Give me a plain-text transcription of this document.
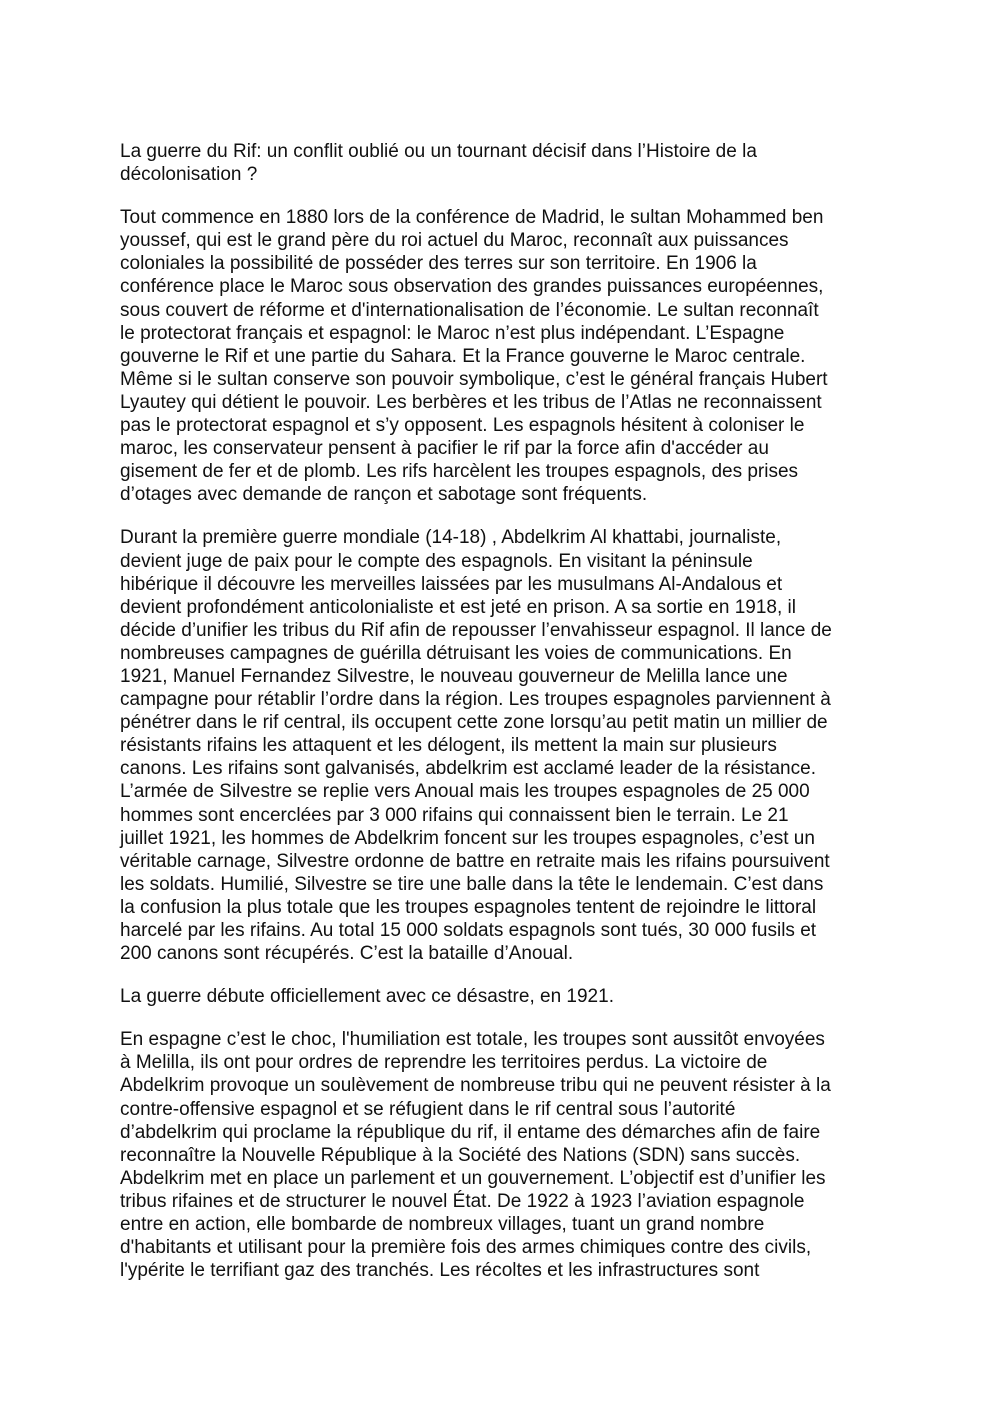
La guerre du Rif: un conflit oublié ou un tournant décisif dans l’Histoire de la
décolonisation ?

Tout commence en 1880 lors de la conférence de Madrid, le sultan Mohammed ben
youssef, qui est le grand père du roi actuel du Maroc, reconnaît aux puissances
coloniales la possibilité de posséder des terres sur son territoire. En 1906 la
conférence place le Maroc sous observation des grandes puissances européennes,
sous couvert de réforme et d'internationalisation de l’économie. Le sultan reconnaît
le protectorat français et espagnol: le Maroc n’est plus indépendant. L’Espagne
gouverne le Rif et une partie du Sahara. Et la France gouverne le Maroc centrale.
Même si le sultan conserve son pouvoir symbolique, c’est le général français Hubert
Lyautey qui détient le pouvoir. Les berbères et les tribus de l’Atlas ne reconnaissent
pas le protectorat espagnol et s’y opposent. Les espagnols hésitent à coloniser le
maroc, les conservateur pensent à pacifier le rif par la force afin d'accéder au
gisement de fer et de plomb. Les rifs harcèlent les troupes espagnols, des prises
d’otages avec demande de rançon et sabotage sont fréquents.

Durant la première guerre mondiale (14-18) , Abdelkrim Al khattabi, journaliste,
devient juge de paix pour le compte des espagnols. En visitant la péninsule
hibérique il découvre les merveilles laissées par les musulmans Al-Andalous et
devient profondément anticolonialiste et est jeté en prison. A sa sortie en 1918, il
décide d’unifier les tribus du Rif afin de repousser l’envahisseur espagnol. Il lance de
nombreuses campagnes de guérilla détruisant les voies de communications. En
1921, Manuel Fernandez Silvestre, le nouveau gouverneur de Melilla lance une
campagne pour rétablir l’ordre dans la région. Les troupes espagnoles parviennent à
pénétrer dans le rif central, ils occupent cette zone lorsqu’au petit matin un millier de
résistants rifains les attaquent et les délogent, ils mettent la main sur plusieurs
canons. Les rifains sont galvanisés, abdelkrim est acclamé leader de la résistance.
L’armée de Silvestre se replie vers Anoual mais les troupes espagnoles de 25 000
hommes sont encerclées par 3 000 rifains qui connaissent bien le terrain. Le 21
juillet 1921, les hommes de Abdelkrim foncent sur les troupes espagnoles, c’est un
véritable carnage, Silvestre ordonne de battre en retraite mais les rifains poursuivent
les soldats. Humilié, Silvestre se tire une balle dans la tête le lendemain. C’est dans
la confusion la plus totale que les troupes espagnoles tentent de rejoindre le littoral
harcelé par les rifains. Au total 15 000 soldats espagnols sont tués, 30 000 fusils et
200 canons sont récupérés. C’est la bataille d’Anoual.

La guerre débute officiellement avec ce désastre, en 1921.

En espagne c’est le choc, l'humiliation est totale, les troupes sont aussitôt envoyées
à Melilla, ils ont pour ordres de reprendre les territoires perdus. La victoire de
Abdelkrim provoque un soulèvement de nombreuse tribu qui ne peuvent résister à la
contre-offensive espagnol et se réfugient dans le rif central sous l’autorité
d’abdelkrim qui proclame la république du rif, il entame des démarches afin de faire
reconnaître la Nouvelle République à la Société des Nations (SDN) sans succès.
Abdelkrim met en place un parlement et un gouvernement. L’objectif est d’unifier les
tribus rifaines et de structurer le nouvel État. De 1922 à 1923 l’aviation espagnole
entre en action, elle bombarde de nombreux villages, tuant un grand nombre
d'habitants et utilisant pour la première fois des armes chimiques contre des civils,
l'ypérite le terrifiant gaz des tranchés. Les récoltes et les infrastructures sont
